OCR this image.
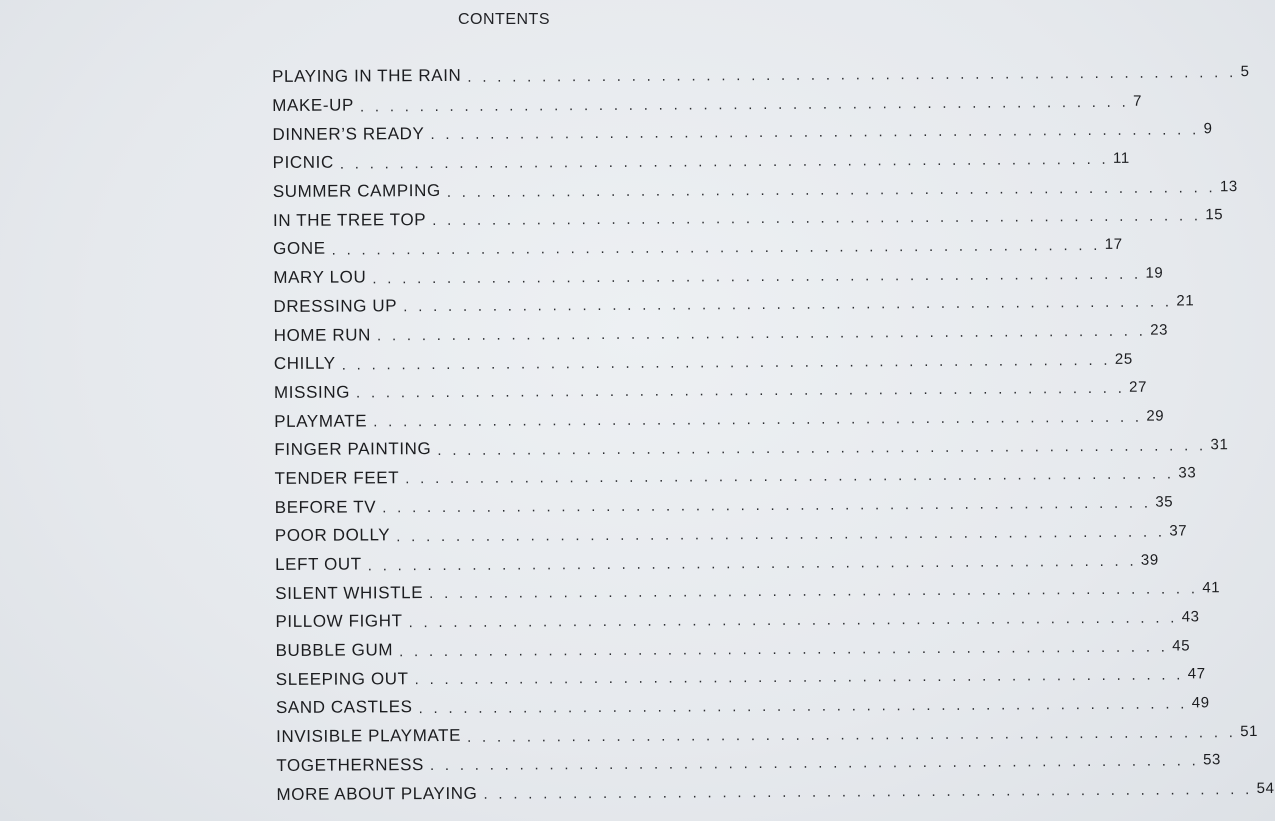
CONTENTS
PLAYING IN THE RAIN . . . . . . . . . . . . . . . . . . . . . . . . . . . . . . . . . . . . . . . . . . . . . . . . . . . . 5
MAKE-UP . . . . . . . . . . . . . . . . . . . . . . . . . . . . . . . . . . . . . . . . . . . . . . . . . . . . 7
DINNER’S READY . . . . . . . . . . . . . . . . . . . . . . . . . . . . . . . . . . . . . . . . . . . . . . . . . . . . 9
PICNIC . . . . . . . . . . . . . . . . . . . . . . . . . . . . . . . . . . . . . . . . . . . . . . . . . . . . 11
SUMMER CAMPING . . . . . . . . . . . . . . . . . . . . . . . . . . . . . . . . . . . . . . . . . . . . . . . . . . . . 13
IN THE TREE TOP . . . . . . . . . . . . . . . . . . . . . . . . . . . . . . . . . . . . . . . . . . . . . . . . . . . . 15
GONE . . . . . . . . . . . . . . . . . . . . . . . . . . . . . . . . . . . . . . . . . . . . . . . . . . . . 17
MARY LOU . . . . . . . . . . . . . . . . . . . . . . . . . . . . . . . . . . . . . . . . . . . . . . . . . . . . 19
DRESSING UP . . . . . . . . . . . . . . . . . . . . . . . . . . . . . . . . . . . . . . . . . . . . . . . . . . . . 21
HOME RUN . . . . . . . . . . . . . . . . . . . . . . . . . . . . . . . . . . . . . . . . . . . . . . . . . . . . 23
CHILLY . . . . . . . . . . . . . . . . . . . . . . . . . . . . . . . . . . . . . . . . . . . . . . . . . . . . 25
MISSING . . . . . . . . . . . . . . . . . . . . . . . . . . . . . . . . . . . . . . . . . . . . . . . . . . . . 27
PLAYMATE . . . . . . . . . . . . . . . . . . . . . . . . . . . . . . . . . . . . . . . . . . . . . . . . . . . . 29
FINGER PAINTING . . . . . . . . . . . . . . . . . . . . . . . . . . . . . . . . . . . . . . . . . . . . . . . . . . . . 31
TENDER FEET . . . . . . . . . . . . . . . . . . . . . . . . . . . . . . . . . . . . . . . . . . . . . . . . . . . . 33
BEFORE TV . . . . . . . . . . . . . . . . . . . . . . . . . . . . . . . . . . . . . . . . . . . . . . . . . . . . 35
POOR DOLLY . . . . . . . . . . . . . . . . . . . . . . . . . . . . . . . . . . . . . . . . . . . . . . . . . . . . 37
LEFT OUT . . . . . . . . . . . . . . . . . . . . . . . . . . . . . . . . . . . . . . . . . . . . . . . . . . . . 39
SILENT WHISTLE . . . . . . . . . . . . . . . . . . . . . . . . . . . . . . . . . . . . . . . . . . . . . . . . . . . . 41
PILLOW FIGHT . . . . . . . . . . . . . . . . . . . . . . . . . . . . . . . . . . . . . . . . . . . . . . . . . . . . 43
BUBBLE GUM . . . . . . . . . . . . . . . . . . . . . . . . . . . . . . . . . . . . . . . . . . . . . . . . . . . . 45
SLEEPING OUT . . . . . . . . . . . . . . . . . . . . . . . . . . . . . . . . . . . . . . . . . . . . . . . . . . . . 47
SAND CASTLES . . . . . . . . . . . . . . . . . . . . . . . . . . . . . . . . . . . . . . . . . . . . . . . . . . . . 49
INVISIBLE PLAYMATE . . . . . . . . . . . . . . . . . . . . . . . . . . . . . . . . . . . . . . . . . . . . . . . . . . . . 51
TOGETHERNESS . . . . . . . . . . . . . . . . . . . . . . . . . . . . . . . . . . . . . . . . . . . . . . . . . . . . 53
MORE ABOUT PLAYING . . . . . . . . . . . . . . . . . . . . . . . . . . . . . . . . . . . . . . . . . . . . . . . . . . . . 54
